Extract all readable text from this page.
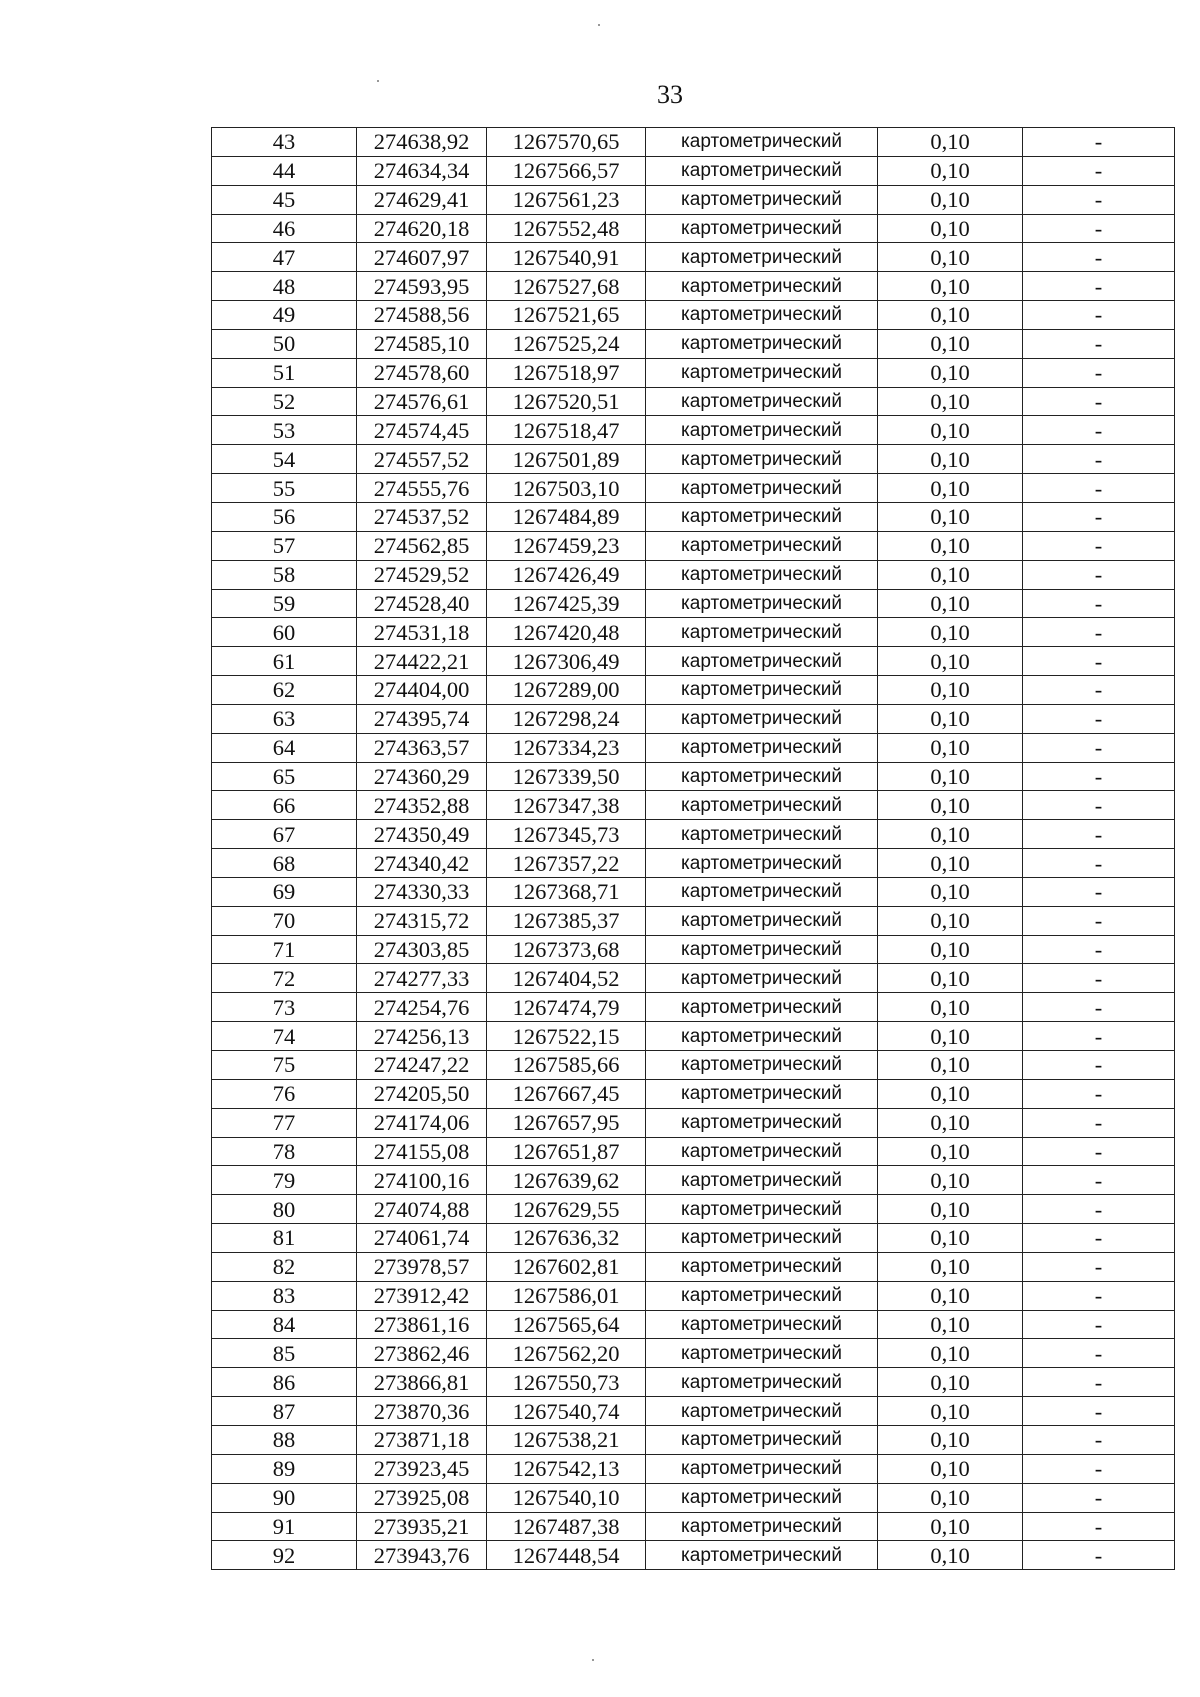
33
43	274638,92	1267570,65	картометрический	0,10	-
44	274634,34	1267566,57	картометрический	0,10	-
45	274629,41	1267561,23	картометрический	0,10	-
46	274620,18	1267552,48	картометрический	0,10	-
47	274607,97	1267540,91	картометрический	0,10	-
48	274593,95	1267527,68	картометрический	0,10	-
49	274588,56	1267521,65	картометрический	0,10	-
50	274585,10	1267525,24	картометрический	0,10	-
51	274578,60	1267518,97	картометрический	0,10	-
52	274576,61	1267520,51	картометрический	0,10	-
53	274574,45	1267518,47	картометрический	0,10	-
54	274557,52	1267501,89	картометрический	0,10	-
55	274555,76	1267503,10	картометрический	0,10	-
56	274537,52	1267484,89	картометрический	0,10	-
57	274562,85	1267459,23	картометрический	0,10	-
58	274529,52	1267426,49	картометрический	0,10	-
59	274528,40	1267425,39	картометрический	0,10	-
60	274531,18	1267420,48	картометрический	0,10	-
61	274422,21	1267306,49	картометрический	0,10	-
62	274404,00	1267289,00	картометрический	0,10	-
63	274395,74	1267298,24	картометрический	0,10	-
64	274363,57	1267334,23	картометрический	0,10	-
65	274360,29	1267339,50	картометрический	0,10	-
66	274352,88	1267347,38	картометрический	0,10	-
67	274350,49	1267345,73	картометрический	0,10	-
68	274340,42	1267357,22	картометрический	0,10	-
69	274330,33	1267368,71	картометрический	0,10	-
70	274315,72	1267385,37	картометрический	0,10	-
71	274303,85	1267373,68	картометрический	0,10	-
72	274277,33	1267404,52	картометрический	0,10	-
73	274254,76	1267474,79	картометрический	0,10	-
74	274256,13	1267522,15	картометрический	0,10	-
75	274247,22	1267585,66	картометрический	0,10	-
76	274205,50	1267667,45	картометрический	0,10	-
77	274174,06	1267657,95	картометрический	0,10	-
78	274155,08	1267651,87	картометрический	0,10	-
79	274100,16	1267639,62	картометрический	0,10	-
80	274074,88	1267629,55	картометрический	0,10	-
81	274061,74	1267636,32	картометрический	0,10	-
82	273978,57	1267602,81	картометрический	0,10	-
83	273912,42	1267586,01	картометрический	0,10	-
84	273861,16	1267565,64	картометрический	0,10	-
85	273862,46	1267562,20	картометрический	0,10	-
86	273866,81	1267550,73	картометрический	0,10	-
87	273870,36	1267540,74	картометрический	0,10	-
88	273871,18	1267538,21	картометрический	0,10	-
89	273923,45	1267542,13	картометрический	0,10	-
90	273925,08	1267540,10	картометрический	0,10	-
91	273935,21	1267487,38	картометрический	0,10	-
92	273943,76	1267448,54	картометрический	0,10	-
